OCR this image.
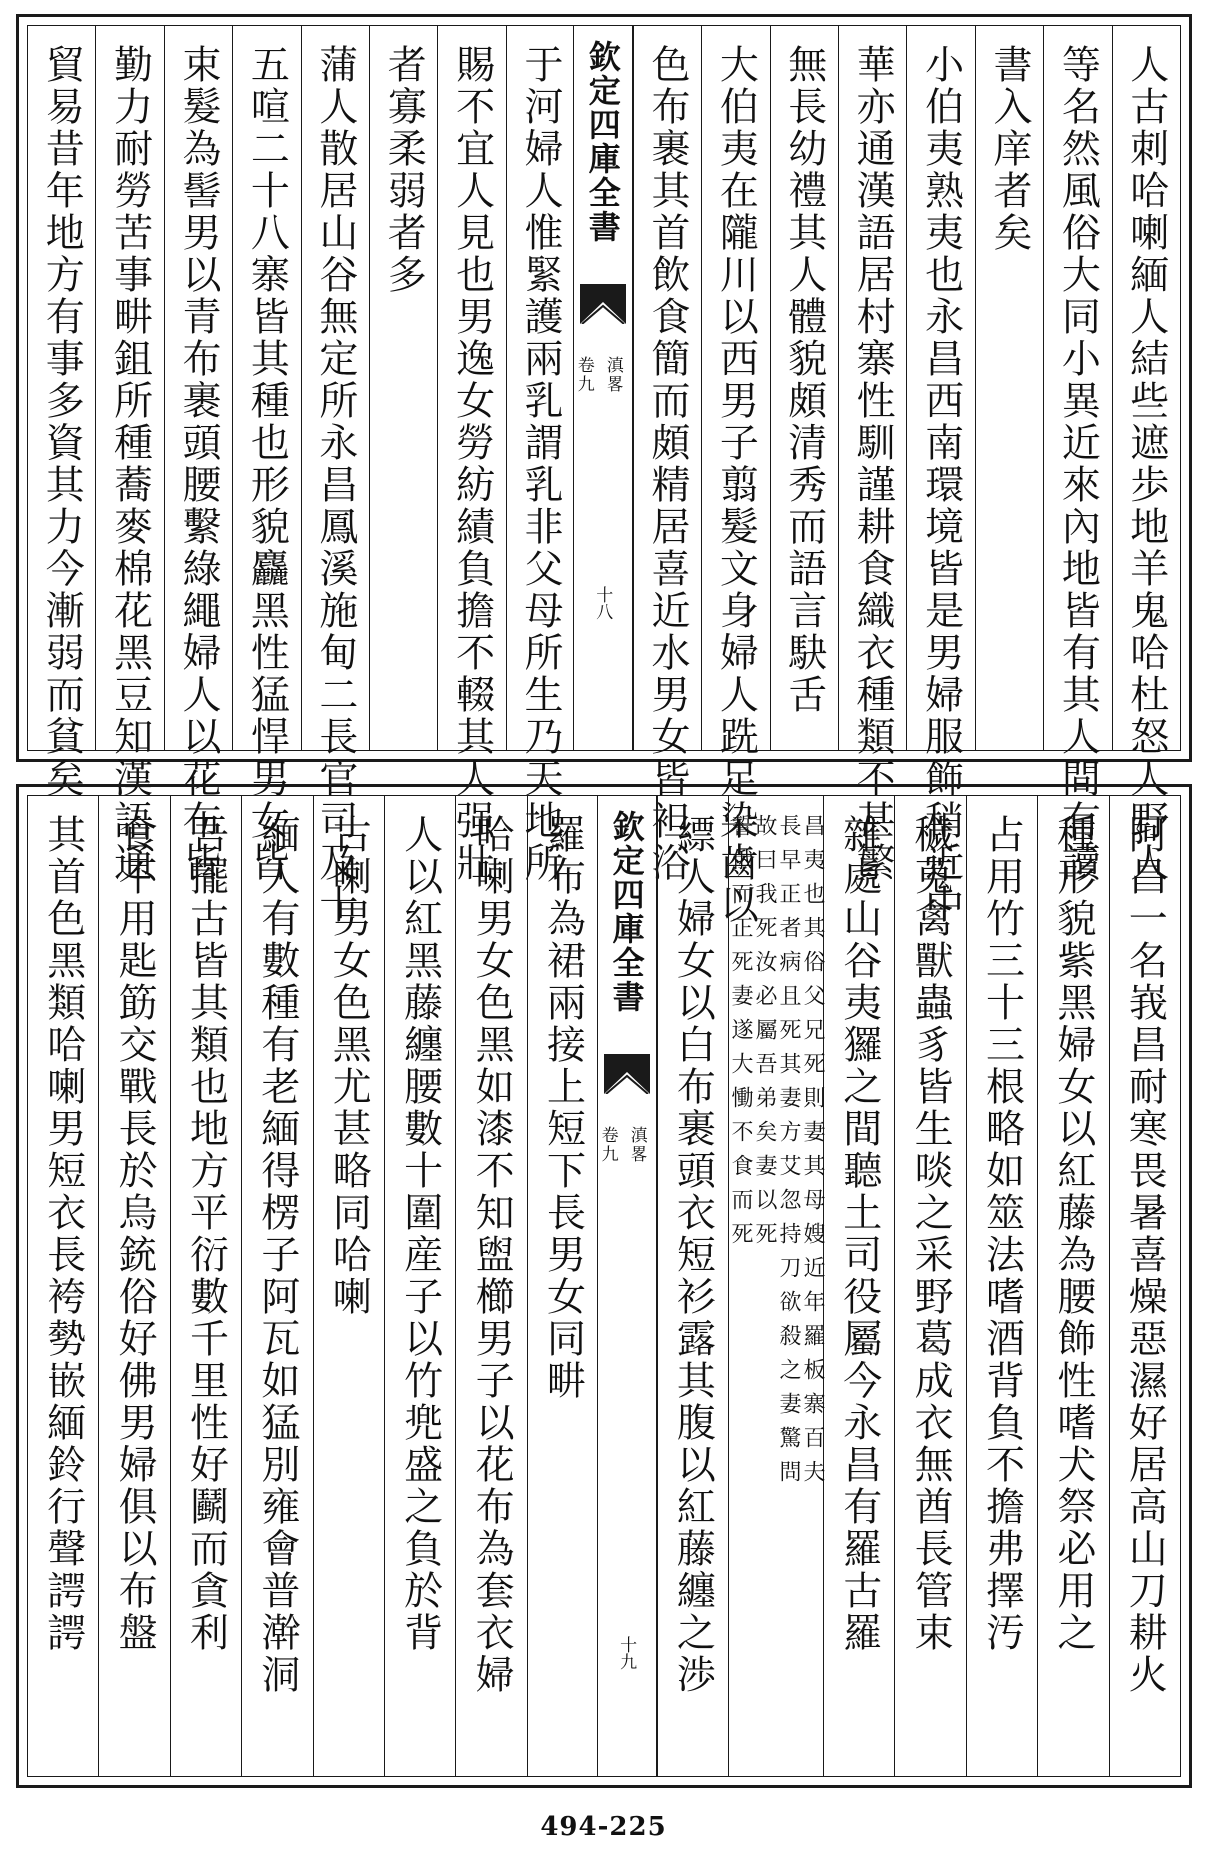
人古刺哈喇緬人結些遮歩地羊鬼哈杜怒人野人
等名然風俗大同小異近來內地皆有其人間有讀
書入庠者矣
小伯夷熟夷也永昌西南環境皆是男婦服飾稍近中
華亦通漢語居村寨性馴謹耕食織衣種類不甚繁
無長幼禮其人體貌頗清秀而語言駃舌
大伯夷在隴川以西男子翦髮文身婦人跣足染齒以
色布裹其首飲食簡而頗精居喜近水男女皆袒浴
欽定四庫全書
滇畧
卷九
十八
于河婦人惟緊護兩乳謂乳非父母所生乃天地所
賜不宜人見也男逸女勞紡績負擔不輟其人强壯
者寡柔弱者多
蒲人散居山谷無定所永昌鳳溪施甸二長官司及十
五喧二十八寨皆其種也形貌麤黑性猛悍男女皆
束髮為髻男以青布裹頭腰繫綠繩婦人以花布皆
勤力耐勞苦事畊鉏所種蕎麥棉花黑豆知漢語通
貿易昔年地方有事多資其力今漸弱而貧矣
阿昌一名峩昌耐寒畏暑喜燥惡濕好居高山刀耕火
種形貌紫黑婦女以紅藤為腰飾性嗜犬祭必用之
占用竹三十三根略如筮法嗜酒背負不擔弗擇汚
穢蒐禽獸蟲豸皆生啖之采野葛成衣無酋長管束
雜處山谷夷玀之間聽土司役屬今永昌有羅古羅
昌夷也其俗父兄死則妻其母嫂近年羅板寨百夫
長早正者病且死其妻方艾忽持刀欲殺之妻驚問
故曰我死汝必屬吾弟矣妻以死
誓俄而正死妻遂大慟不食而死
縹人婦女以白布裹頭衣短衫露其腹以紅藤纏之渉
欽定四庫全書
滇畧
卷九
十九
羅布為裙兩接上短下長男女同畊
哈喇男女色黑如漆不知盥櫛男子以花布為套衣婦
人以紅黑藤纏腰數十圍産子以竹兠盛之負於背
古喇男女色黑尤甚略同哈喇
緬人有數種有老緬得楞子阿瓦如猛別雍會普澣洞
吾擺古皆其類也地方平衍數千里性好鬬而貪利
食不用匙筯交戰長於烏銃俗好佛男婦俱以布盤
其首色黑類哈喇男短衣長袴勢嵌緬鈴行聲諤諤
494-225
